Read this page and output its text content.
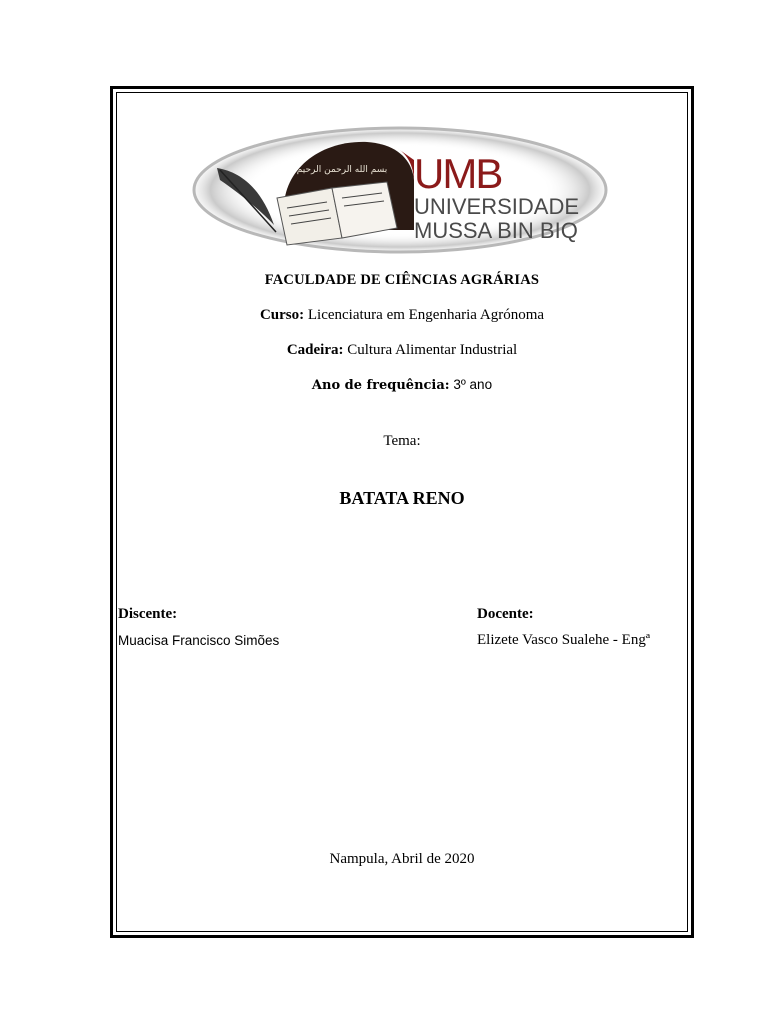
بسم الله الرحمن الرحيم UMB
UNIVERSIDADE
MUSSA BIN BIQ
FACULDADE DE CIÊNCIAS AGRÁRIAS
Curso: Licenciatura em Engenharia Agrónoma
Cadeira: Cultura Alimentar Industrial
Ano de frequência: 3º ano
Tema:
BATATA RENO
Discente:
Muacisa Francisco Simões
Docente:
Elizete Vasco Sualehe - Engª
Nampula, Abril de 2020
